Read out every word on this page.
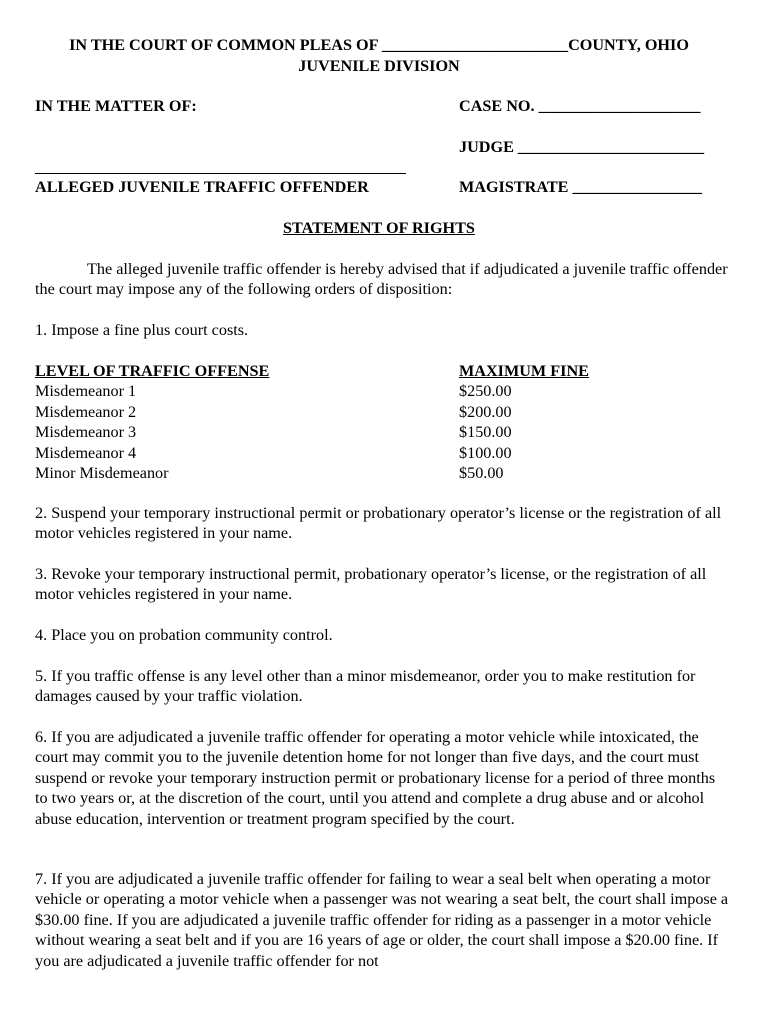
IN THE COURT OF COMMON PLEAS OF _______________________COUNTY, OHIO
JUVENILE DIVISION
IN THE MATTER OF:	CASE NO. ____________________
JUDGE _______________________
ALLEGED JUVENILE TRAFFIC OFFENDER	MAGISTRATE ________________
STATEMENT OF RIGHTS

The alleged juvenile traffic offender is hereby advised that if adjudicated a juvenile traffic offender the court may impose any of the following orders of disposition:

1. Impose a fine plus court costs.

LEVEL OF TRAFFIC OFFENSE	MAXIMUM FINE
Misdemeanor 1	$250.00
Misdemeanor 2	$200.00
Misdemeanor 3	$150.00
Misdemeanor 4	$100.00
Minor Misdemeanor	$50.00

2. Suspend your temporary instructional permit or probationary operator’s license or the registration of all motor vehicles registered in your name.

3. Revoke your temporary instructional permit, probationary operator’s license, or the registration of all motor vehicles registered in your name.

4. Place you on probation community control.

5. If you traffic offense is any level other than a minor misdemeanor, order you to make restitution for damages caused by your traffic violation.

6. If you are adjudicated a juvenile traffic offender for operating a motor vehicle while intoxicated, the court may commit you to the juvenile detention home for not longer than five days, and the court must suspend or revoke your temporary instruction permit or probationary license for a period of three months to two years or, at the discretion of the court, until you attend and complete a drug abuse and or alcohol abuse education, intervention or treatment program specified by the court.

7. If you are adjudicated a juvenile traffic offender for failing to wear a seal belt when operating a motor vehicle or operating a motor vehicle when a passenger was not wearing a seat belt, the court shall impose a $30.00 fine. If you are adjudicated a juvenile traffic offender for riding as a passenger in a motor vehicle without wearing a seat belt and if you are 16 years of age or older, the court shall impose a $20.00 fine. If you are adjudicated a juvenile traffic offender for not
